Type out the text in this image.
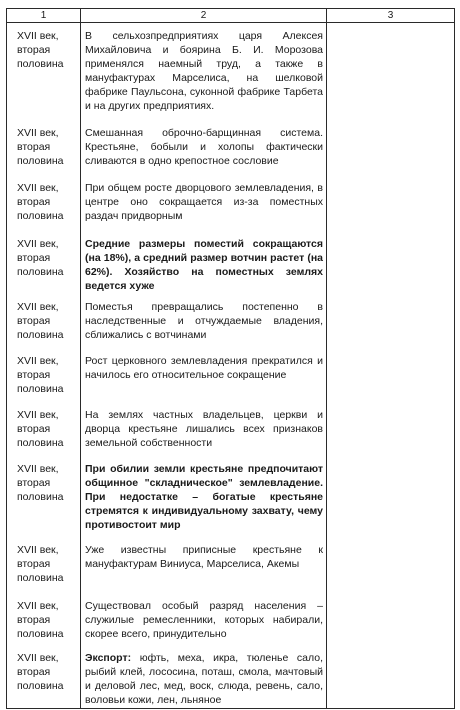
1	2	3

XVII век, вторая половина	В сельхозпредприятиях царя Алексея Михайловича и боярина Б. И. Морозова применялся наемный труд, а также в мануфактурах Марселиса, на шелковой фабрике Паульсона, суконной фабрике Тарбета и на других предприятиях.	

XVII век, вторая половина	Смешанная оброчно-барщинная система. Крестьяне, бобыли и холопы фактически сливаются в одно крепостное сословие	

XVII век, вторая половина	При общем росте дворцового землевладения, в центре оно сокращается из-за поместных раздач придворным	

XVII век, вторая половина	Средние размеры поместий сокращаются (на 18%), а средний размер вотчин растет (на 62%). Хозяйство на поместных землях ведется хуже	

XVII век, вторая половина	Поместья превращались постепенно в наследственные и отчуждаемые владения, сближались с вотчинами	

XVII век, вторая половина	Рост церковного землевладения прекратился и начилось его относительное сокращение	

XVII век, вторая половина	На землях частных владельцев, церкви и дворца крестьяне лишались всех признаков земельной собственности	

XVII век, вторая половина	При обилии земли крестьяне предпочитают общинное "складническое" землевладение. При недостатке – богатые крестьяне стремятся к индивидуальному захвату, чему противостоит мир	

XVII век, вторая половина	Уже известны приписные крестьяне к мануфактурам Виниуса, Марселиса, Акемы	

XVII век, вторая половина	Существовал особый разряд населения – служилые ремесленники, которых набирали, скорее всего, принудительно	

XVII век, вторая половина	Экспорт: юфть, меха, икра, тюленье сало, рыбий клей, лососина, поташ, смола, мачтовый и деловой лес, мед, воск, слюда, ревень, сало, воловьи кожи, лен, льняное	
